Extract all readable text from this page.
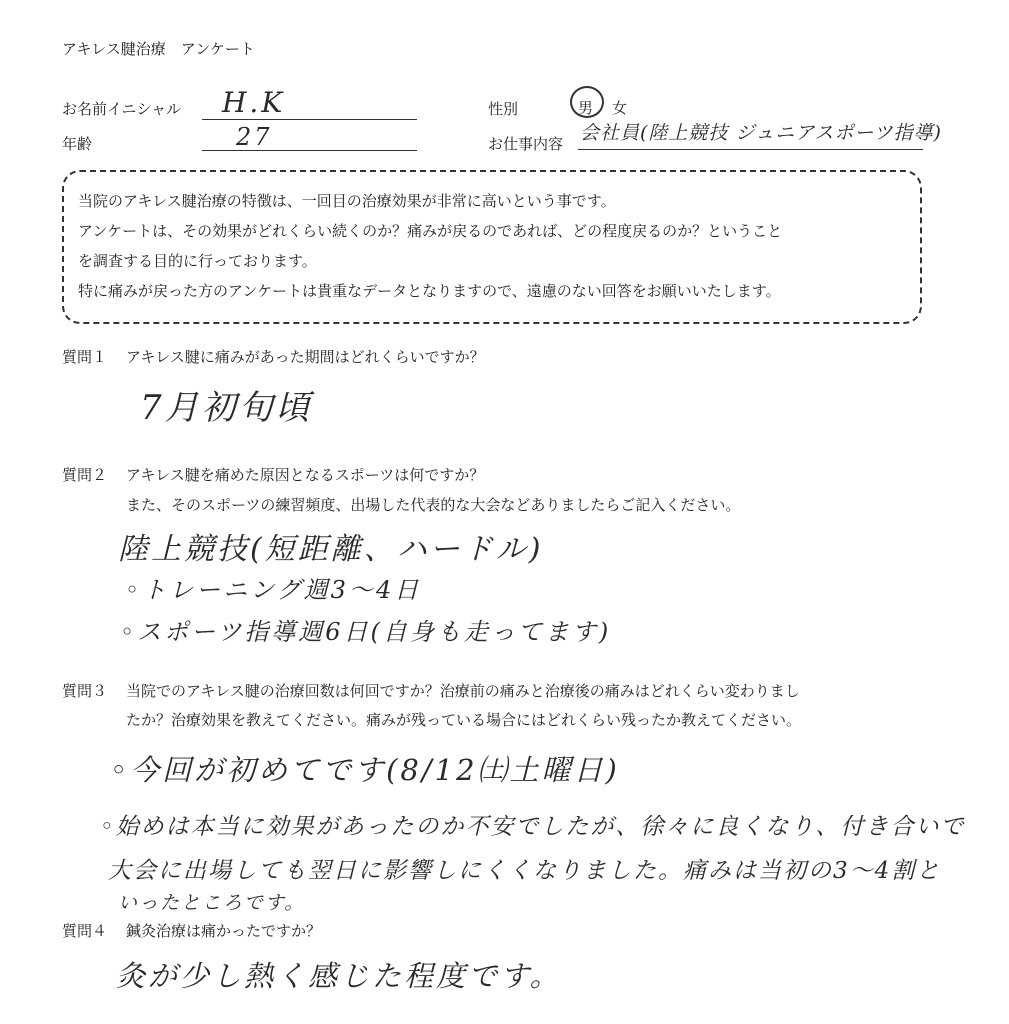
アキレス腱治療　アンケート
お名前イニシャル H.K
年齢	27
性別	男 女
お仕事内容 会社員(陸上競技 ジュニアスポーツ指導)
当院のアキレス腱治療の特徴は、一回目の治療効果が非常に高いという事です。
アンケートは、その効果がどれくらい続くのか？痛みが戻るのであれば、どの程度戻るのか？ということ
を調査する目的に行っております。
特に痛みが戻った方のアンケートは貴重なデータとなりますので、遠慮のない回答をお願いいたします。
質問１ アキレス腱に痛みがあった期間はどれくらいですか？
7月初旬頃
質問２ アキレス腱を痛めた原因となるスポーツは何ですか？
また、そのスポーツの練習頻度、出場した代表的な大会などありましたらご記入ください。
陸上競技(短距離、ハードル)
◦トレーニング週3〜4日
◦スポーツ指導週6日(自身も走ってます)
質問３ 当院でのアキレス腱の治療回数は何回ですか？治療前の痛みと治療後の痛みはどれくらい変わりまし
たか？治療効果を教えてください。痛みが残っている場合にはどれくらい残ったか教えてください。
◦今回が初めてです(8/12㈯土曜日)
◦始めは本当に効果があったのか不安でしたが、徐々に良くなり、付き合いで
大会に出場しても翌日に影響しにくくなりました。痛みは当初の3〜4割と
いったところです。
質問４ 鍼灸治療は痛かったですか？
灸が少し熱く感じた程度です。
